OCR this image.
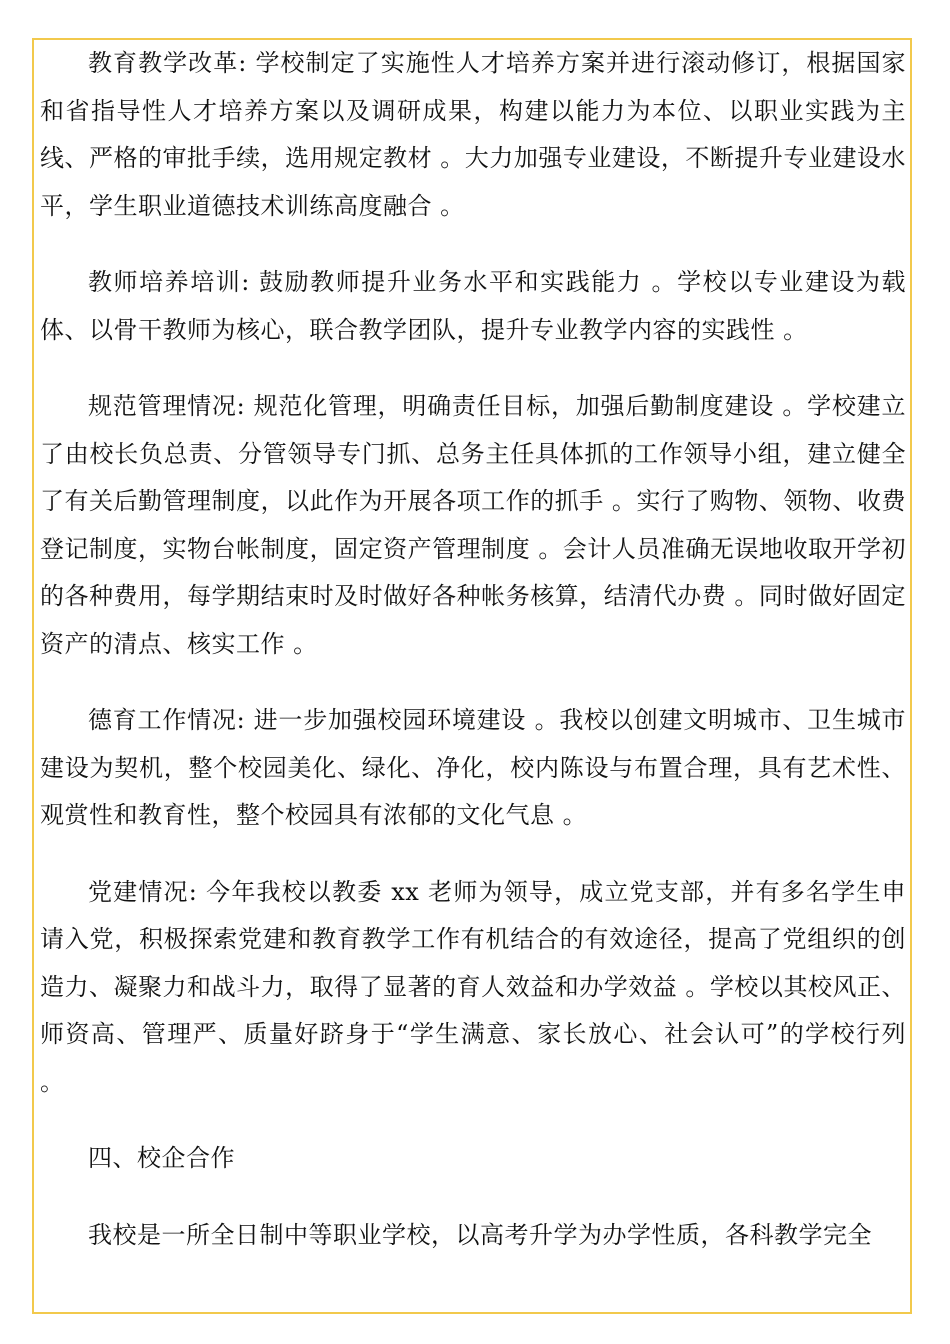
教育教学改革: 学校制定了实施性人才培养方案并进行滚动修订，根据国家和省指导性人才培养方案以及调研成果，构建以能力为本位、以职业实践为主线、严格的审批手续，选用规定教材 。大力加强专业建设，不断提升专业建设水平，学生职业道德技术训练高度融合 。

教师培养培训: 鼓励教师提升业务水平和实践能力 。学校以专业建设为载体、以骨干教师为核心，联合教学团队，提升专业教学内容的实践性 。

规范管理情况: 规范化管理，明确责任目标，加强后勤制度建设 。学校建立了由校长负总责、分管领导专门抓、总务主任具体抓的工作领导小组，建立健全了有关后勤管理制度，以此作为开展各项工作的抓手 。实行了购物、领物、收费登记制度，实物台帐制度，固定资产管理制度 。会计人员准确无误地收取开学初的各种费用，每学期结束时及时做好各种帐务核算，结清代办费 。同时做好固定资产的清点、核实工作 。

德育工作情况: 进一步加强校园环境建设 。我校以创建文明城市、卫生城市建设为契机，整个校园美化、绿化、净化，校内陈设与布置合理，具有艺术性、观赏性和教育性，整个校园具有浓郁的文化气息 。

党建情况: 今年我校以教委 xx 老师为领导，成立党支部，并有多名学生申请入党，积极探索党建和教育教学工作有机结合的有效途径，提高了党组织的创造力、凝聚力和战斗力，取得了显著的育人效益和办学效益 。学校以其校风正、师资高、管理严、质量好跻身于“学生满意、家长放心、社会认可”的学校行列 。

四、校企合作

我校是一所全日制中等职业学校，以高考升学为办学性质，各科教学完全
